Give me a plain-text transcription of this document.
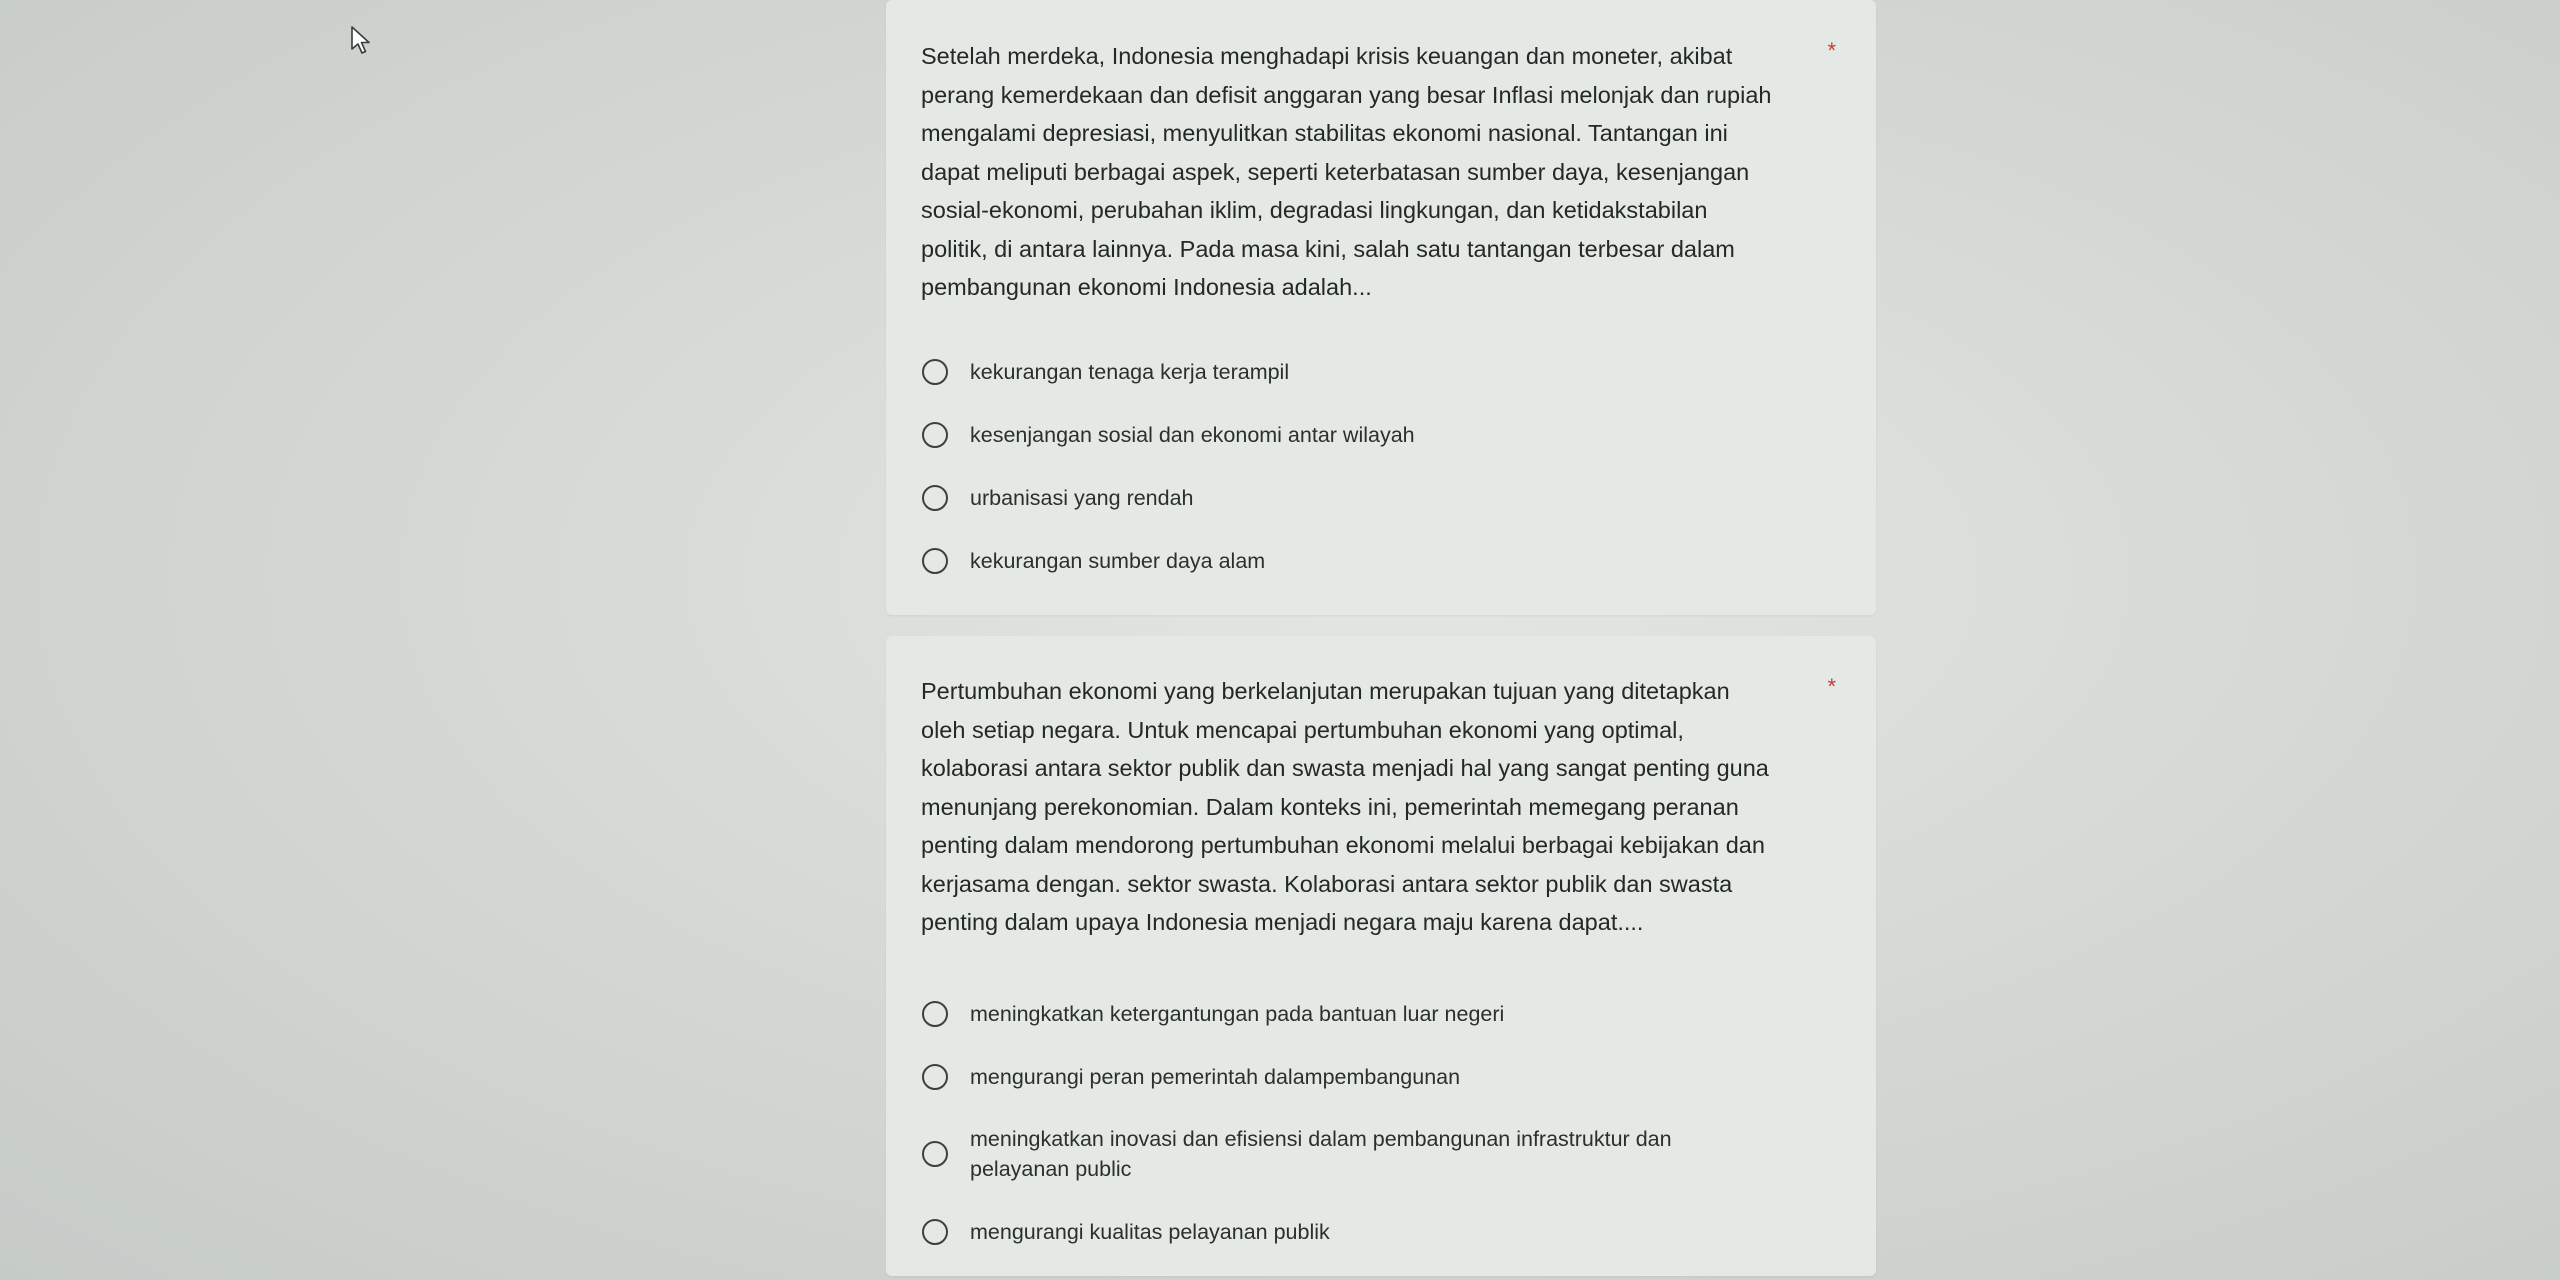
Setelah merdeka, Indonesia menghadapi krisis keuangan dan moneter, akibat
perang kemerdekaan dan defisit anggaran yang besar Inflasi melonjak dan rupiah
mengalami depresiasi, menyulitkan stabilitas ekonomi nasional. Tantangan ini
dapat meliputi berbagai aspek, seperti keterbatasan sumber daya, kesenjangan
sosial-ekonomi, perubahan iklim, degradasi lingkungan, dan ketidakstabilan
politik, di antara lainnya. Pada masa kini, salah satu tantangan terbesar dalam
pembangunan ekonomi Indonesia adalah...

*
kekurangan tenaga kerja terampil
kesenjangan sosial dan ekonomi antar wilayah
urbanisasi yang rendah
kekurangan sumber daya alam

Pertumbuhan ekonomi yang berkelanjutan merupakan tujuan yang ditetapkan
oleh setiap negara. Untuk mencapai pertumbuhan ekonomi yang optimal,
kolaborasi antara sektor publik dan swasta menjadi hal yang sangat penting guna
menunjang perekonomian. Dalam konteks ini, pemerintah memegang peranan
penting dalam mendorong pertumbuhan ekonomi melalui berbagai kebijakan dan
kerjasama dengan. sektor swasta. Kolaborasi antara sektor publik dan swasta
penting dalam upaya Indonesia menjadi negara maju karena dapat....

*
meningkatkan ketergantungan pada bantuan luar negeri
mengurangi peran pemerintah dalampembangunan
meningkatkan inovasi dan efisiensi dalam pembangunan infrastruktur dan
pelayanan public
mengurangi kualitas pelayanan publik
